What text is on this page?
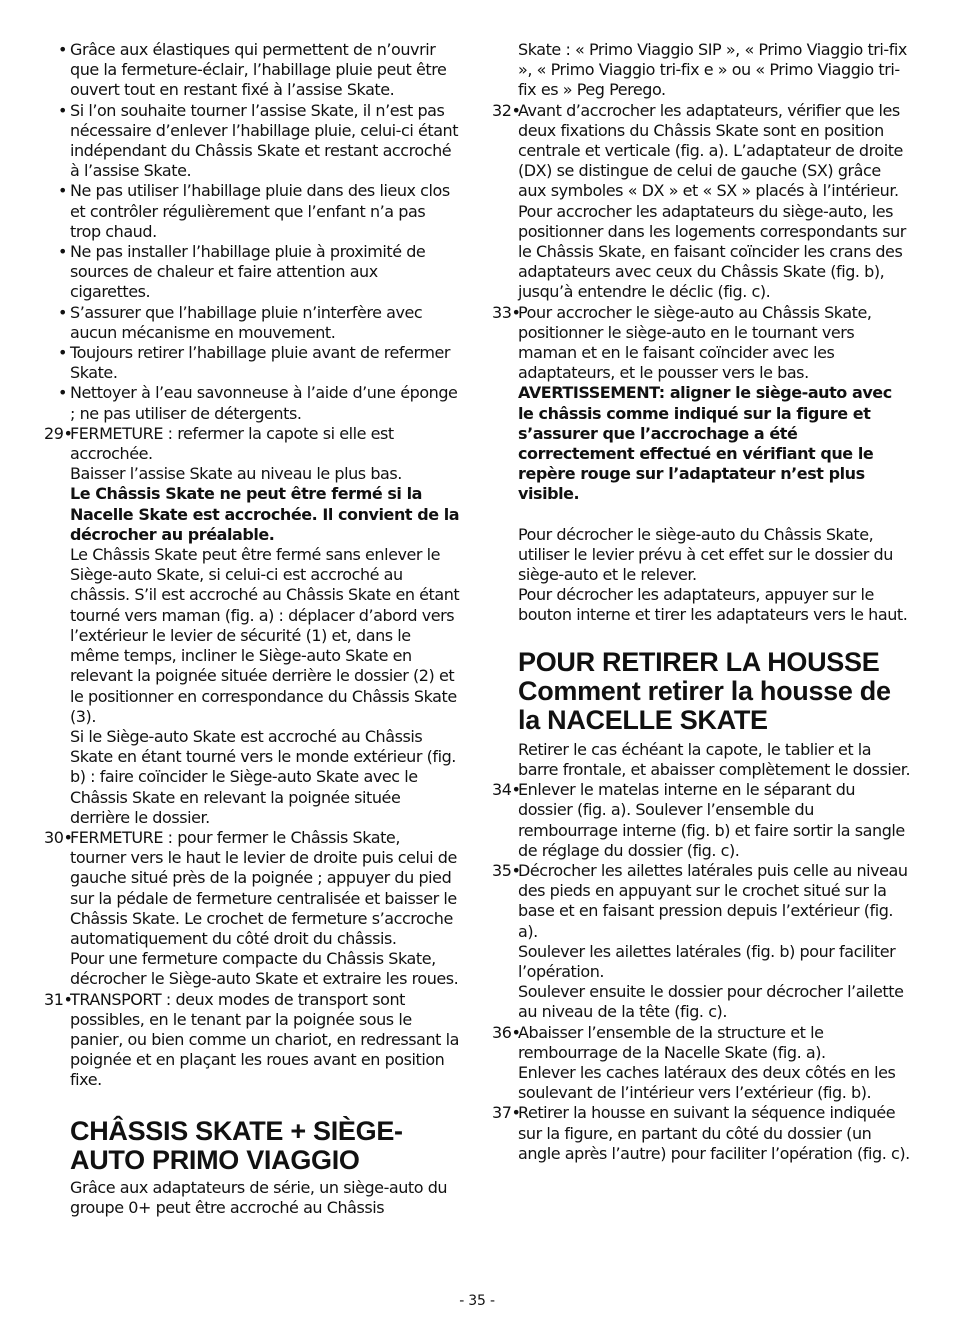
• Grâce aux élastiques qui permettent de n’ouvrir que la fermeture-éclair, l’habillage pluie peut être ouvert tout en restant fixé à l’assise Skate.
• Si l’on souhaite tourner l’assise Skate, il n’est pas nécessaire d’enlever l’habillage pluie, celui-ci étant indépendant du Châssis Skate et restant accroché à l’assise Skate.
• Ne pas utiliser l’habillage pluie dans des lieux clos et contrôler régulièrement que l’enfant n’a pas trop chaud.
• Ne pas installer l’habillage pluie à proximité de sources de chaleur et faire attention aux cigarettes.
• S’assurer que l’habillage pluie n’interfère avec aucun mécanisme en mouvement.
• Toujours retirer l’habillage pluie avant de refermer Skate.
• Nettoyer à l’eau savonneuse à l’aide d’une éponge ; ne pas utiliser de détergents.
29•
FERMETURE : refermer la capote si elle est accrochée.
Baisser l’assise Skate au niveau le plus bas.
Le Châssis Skate ne peut être fermé si la Nacelle Skate est accrochée. Il convient de la décrocher au préalable.
Le Châssis Skate peut être fermé sans enlever le Siège-auto Skate, si celui-ci est accroché au châssis. S’il est accroché au Châssis Skate en étant tourné vers maman (fig. a) : déplacer d’abord vers l’extérieur le levier de sécurité (1) et, dans le même temps, incliner le Siège-auto Skate en relevant la poignée située derrière le dossier (2) et le positionner en correspondance du Châssis Skate (3).
Si le Siège-auto Skate est accroché au Châssis Skate en étant tourné vers le monde extérieur (fig. b) : faire coïncider le Siège-auto Skate avec le Châssis Skate en relevant la poignée située derrière le dossier.
30•
FERMETURE : pour fermer le Châssis Skate, tourner vers le haut le levier de droite puis celui de gauche situé près de la poignée ; appuyer du pied sur la pédale de fermeture centralisée et baisser le Châssis Skate. Le crochet de fermeture s’accroche automatiquement du côté droit du châssis.
Pour une fermeture compacte du Châssis Skate, décrocher le Siège-auto Skate et extraire les roues.
31•
TRANSPORT : deux modes de transport sont possibles, en le tenant par la poignée sous le panier, ou bien comme un chariot, en redressant la poignée et en plaçant les roues avant en position fixe.
CHÂSSIS SKATE + SIÈGE-AUTO PRIMO VIAGGIO
Grâce aux adaptateurs de série, un siège-auto du groupe 0+ peut être accroché au Châssis
Skate : « Primo Viaggio SIP », « Primo Viaggio tri-fix », « Primo Viaggio tri-fix e » ou « Primo Viaggio tri-fix es » Peg Perego.
32•
Avant d’accrocher les adaptateurs, vérifier que les deux fixations du Châssis Skate sont en position centrale et verticale (fig. a). L’adaptateur de droite (DX) se distingue de celui de gauche (SX) grâce aux symboles « DX » et « SX » placés à l’intérieur.
Pour accrocher les adaptateurs du siège-auto, les positionner dans les logements correspondants sur le Châssis Skate, en faisant coïncider les crans des adaptateurs avec ceux du Châssis Skate (fig. b), jusqu’à entendre le déclic (fig. c).
33•
Pour accrocher le siège-auto au Châssis Skate, positionner le siège-auto en le tournant vers maman et en le faisant coïncider avec les adaptateurs, et le pousser vers le bas.
AVERTISSEMENT: aligner le siège-auto avec le châssis comme indiqué sur la figure et s’assurer que l’accrochage a été correctement effectué en vérifiant que le repère rouge sur l’adaptateur n’est plus visible.
Pour décrocher le siège-auto du Châssis Skate, utiliser le levier prévu à cet effet sur le dossier du siège-auto et le relever.
Pour décrocher les adaptateurs, appuyer sur le bouton interne et tirer les adaptateurs vers le haut.
POUR RETIRER LA HOUSSE Comment retirer la housse de la NACELLE SKATE
Retirer le cas échéant la capote, le tablier et la barre frontale, et abaisser complètement le dossier.
34•
Enlever le matelas interne en le séparant du dossier (fig. a). Soulever l’ensemble du rembourrage interne (fig. b) et faire sortir la sangle de réglage du dossier (fig. c).
35•
Décrocher les ailettes latérales puis celle au niveau des pieds en appuyant sur le crochet situé sur la base et en faisant pression depuis l’extérieur (fig. a).
Soulever les ailettes latérales (fig. b) pour faciliter l’opération.
Soulever ensuite le dossier pour décrocher l’ailette au niveau de la tête (fig. c).
36•
Abaisser l’ensemble de la structure et le rembourrage de la Nacelle Skate (fig. a).
Enlever les caches latéraux des deux côtés en les soulevant de l’intérieur vers l’extérieur (fig. b).
37•
Retirer la housse en suivant la séquence indiquée sur la figure, en partant du côté du dossier (un angle après l’autre) pour faciliter l’opération (fig. c).
- 35 -
